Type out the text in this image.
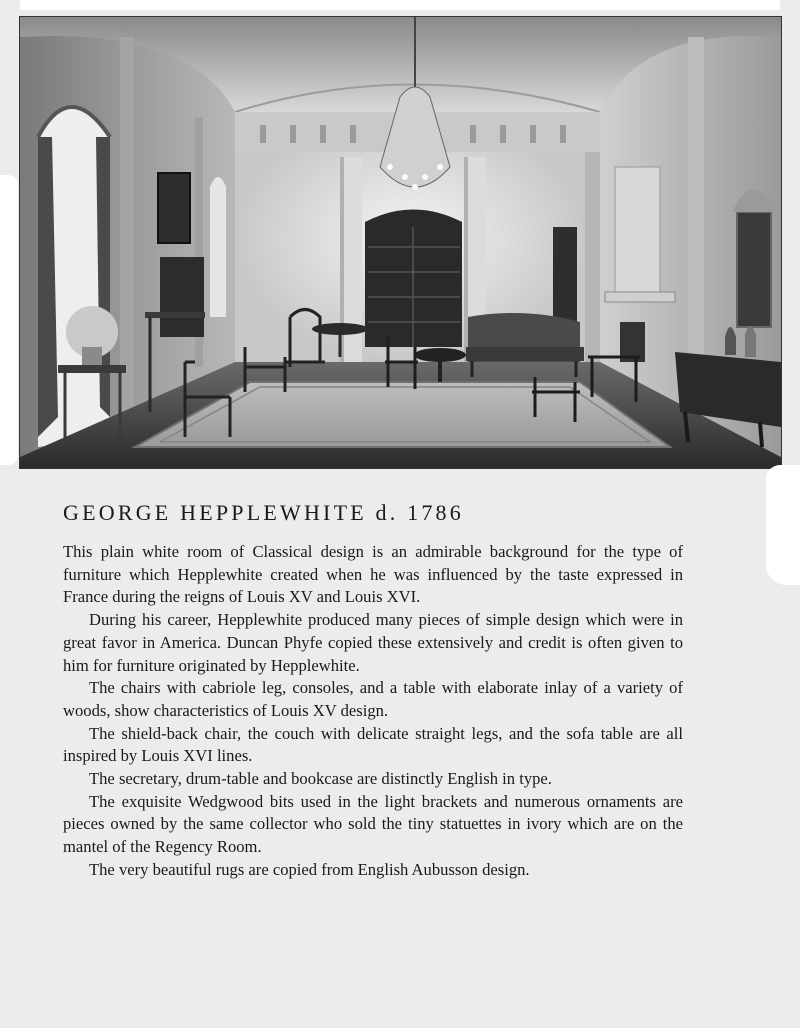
GEORGE HEPPLEWHITE d. 1786

This plain white room of Classical design is an admirable background for the type of furniture which Hepplewhite created when he was influenced by the taste expressed in France during the reigns of Louis XV and Louis XVI.

During his career, Hepplewhite produced many pieces of simple design which were in great favor in America. Duncan Phyfe copied these extensively and credit is often given to him for furniture originated by Hepplewhite.

The chairs with cabriole leg, consoles, and a table with elaborate inlay of a variety of woods, show characteristics of Louis XV design.

The shield-back chair, the couch with delicate straight legs, and the sofa table are all inspired by Louis XVI lines.

The secretary, drum-table and bookcase are distinctly English in type.

The exquisite Wedgwood bits used in the light brackets and numerous ornaments are pieces owned by the same collector who sold the tiny statuettes in ivory which are on the mantel of the Regency Room.

The very beautiful rugs are copied from English Aubusson design.
